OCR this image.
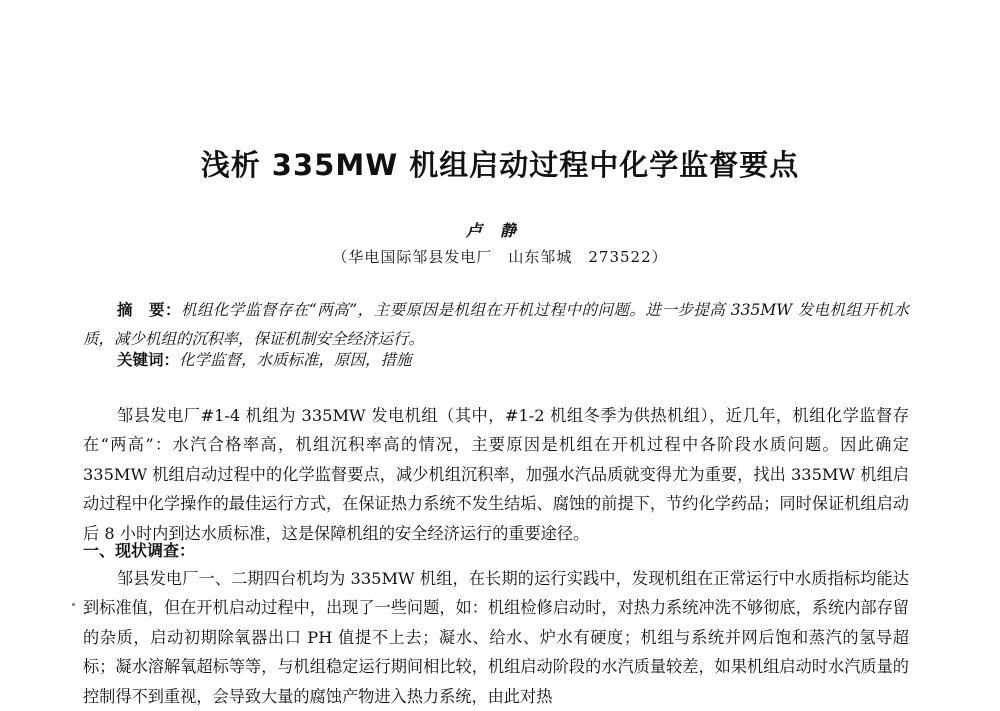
浅析 335MW 机组启动过程中化学监督要点
卢静
（华电国际邹县发电厂　山东邹城　273522）
摘　要：机组化学监督存在“两高”，主要原因是机组在开机过程中的问题。进一步提高 335MW 发电机组开机水质，减少机组的沉积率，保证机制安全经济运行。
关键词：化学监督，水质标准，原因，措施
邹县发电厂#1-4 机组为 335MW 发电机组（其中，#1-2 机组冬季为供热机组），近几年，机组化学监督存在“两高”：水汽合格率高，机组沉积率高的情况，主要原因是机组在开机过程中各阶段水质问题。因此确定 335MW 机组启动过程中的化学监督要点，减少机组沉积率，加强水汽品质就变得尤为重要，找出 335MW 机组启动过程中化学操作的最佳运行方式，在保证热力系统不发生结垢、腐蚀的前提下，节约化学药品；同时保证机组启动后 8 小时内到达水质标准，这是保障机组的安全经济运行的重要途径。
一、现状调查：
邹县发电厂一、二期四台机均为 335MW 机组，在长期的运行实践中，发现机组在正常运行中水质指标均能达到标准值，但在开机启动过程中，出现了一些问题，如：机组检修启动时，对热力系统冲洗不够彻底，系统内部存留的杂质，启动初期除氧器出口 PH 值提不上去；凝水、给水、炉水有硬度；机组与系统并网后饱和蒸汽的氢导超标；凝水溶解氧超标等等，与机组稳定运行期间相比较，机组启动阶段的水汽质量较差，如果机组启动时水汽质量的控制得不到重视，会导致大量的腐蚀产物进入热力系统，由此对热
